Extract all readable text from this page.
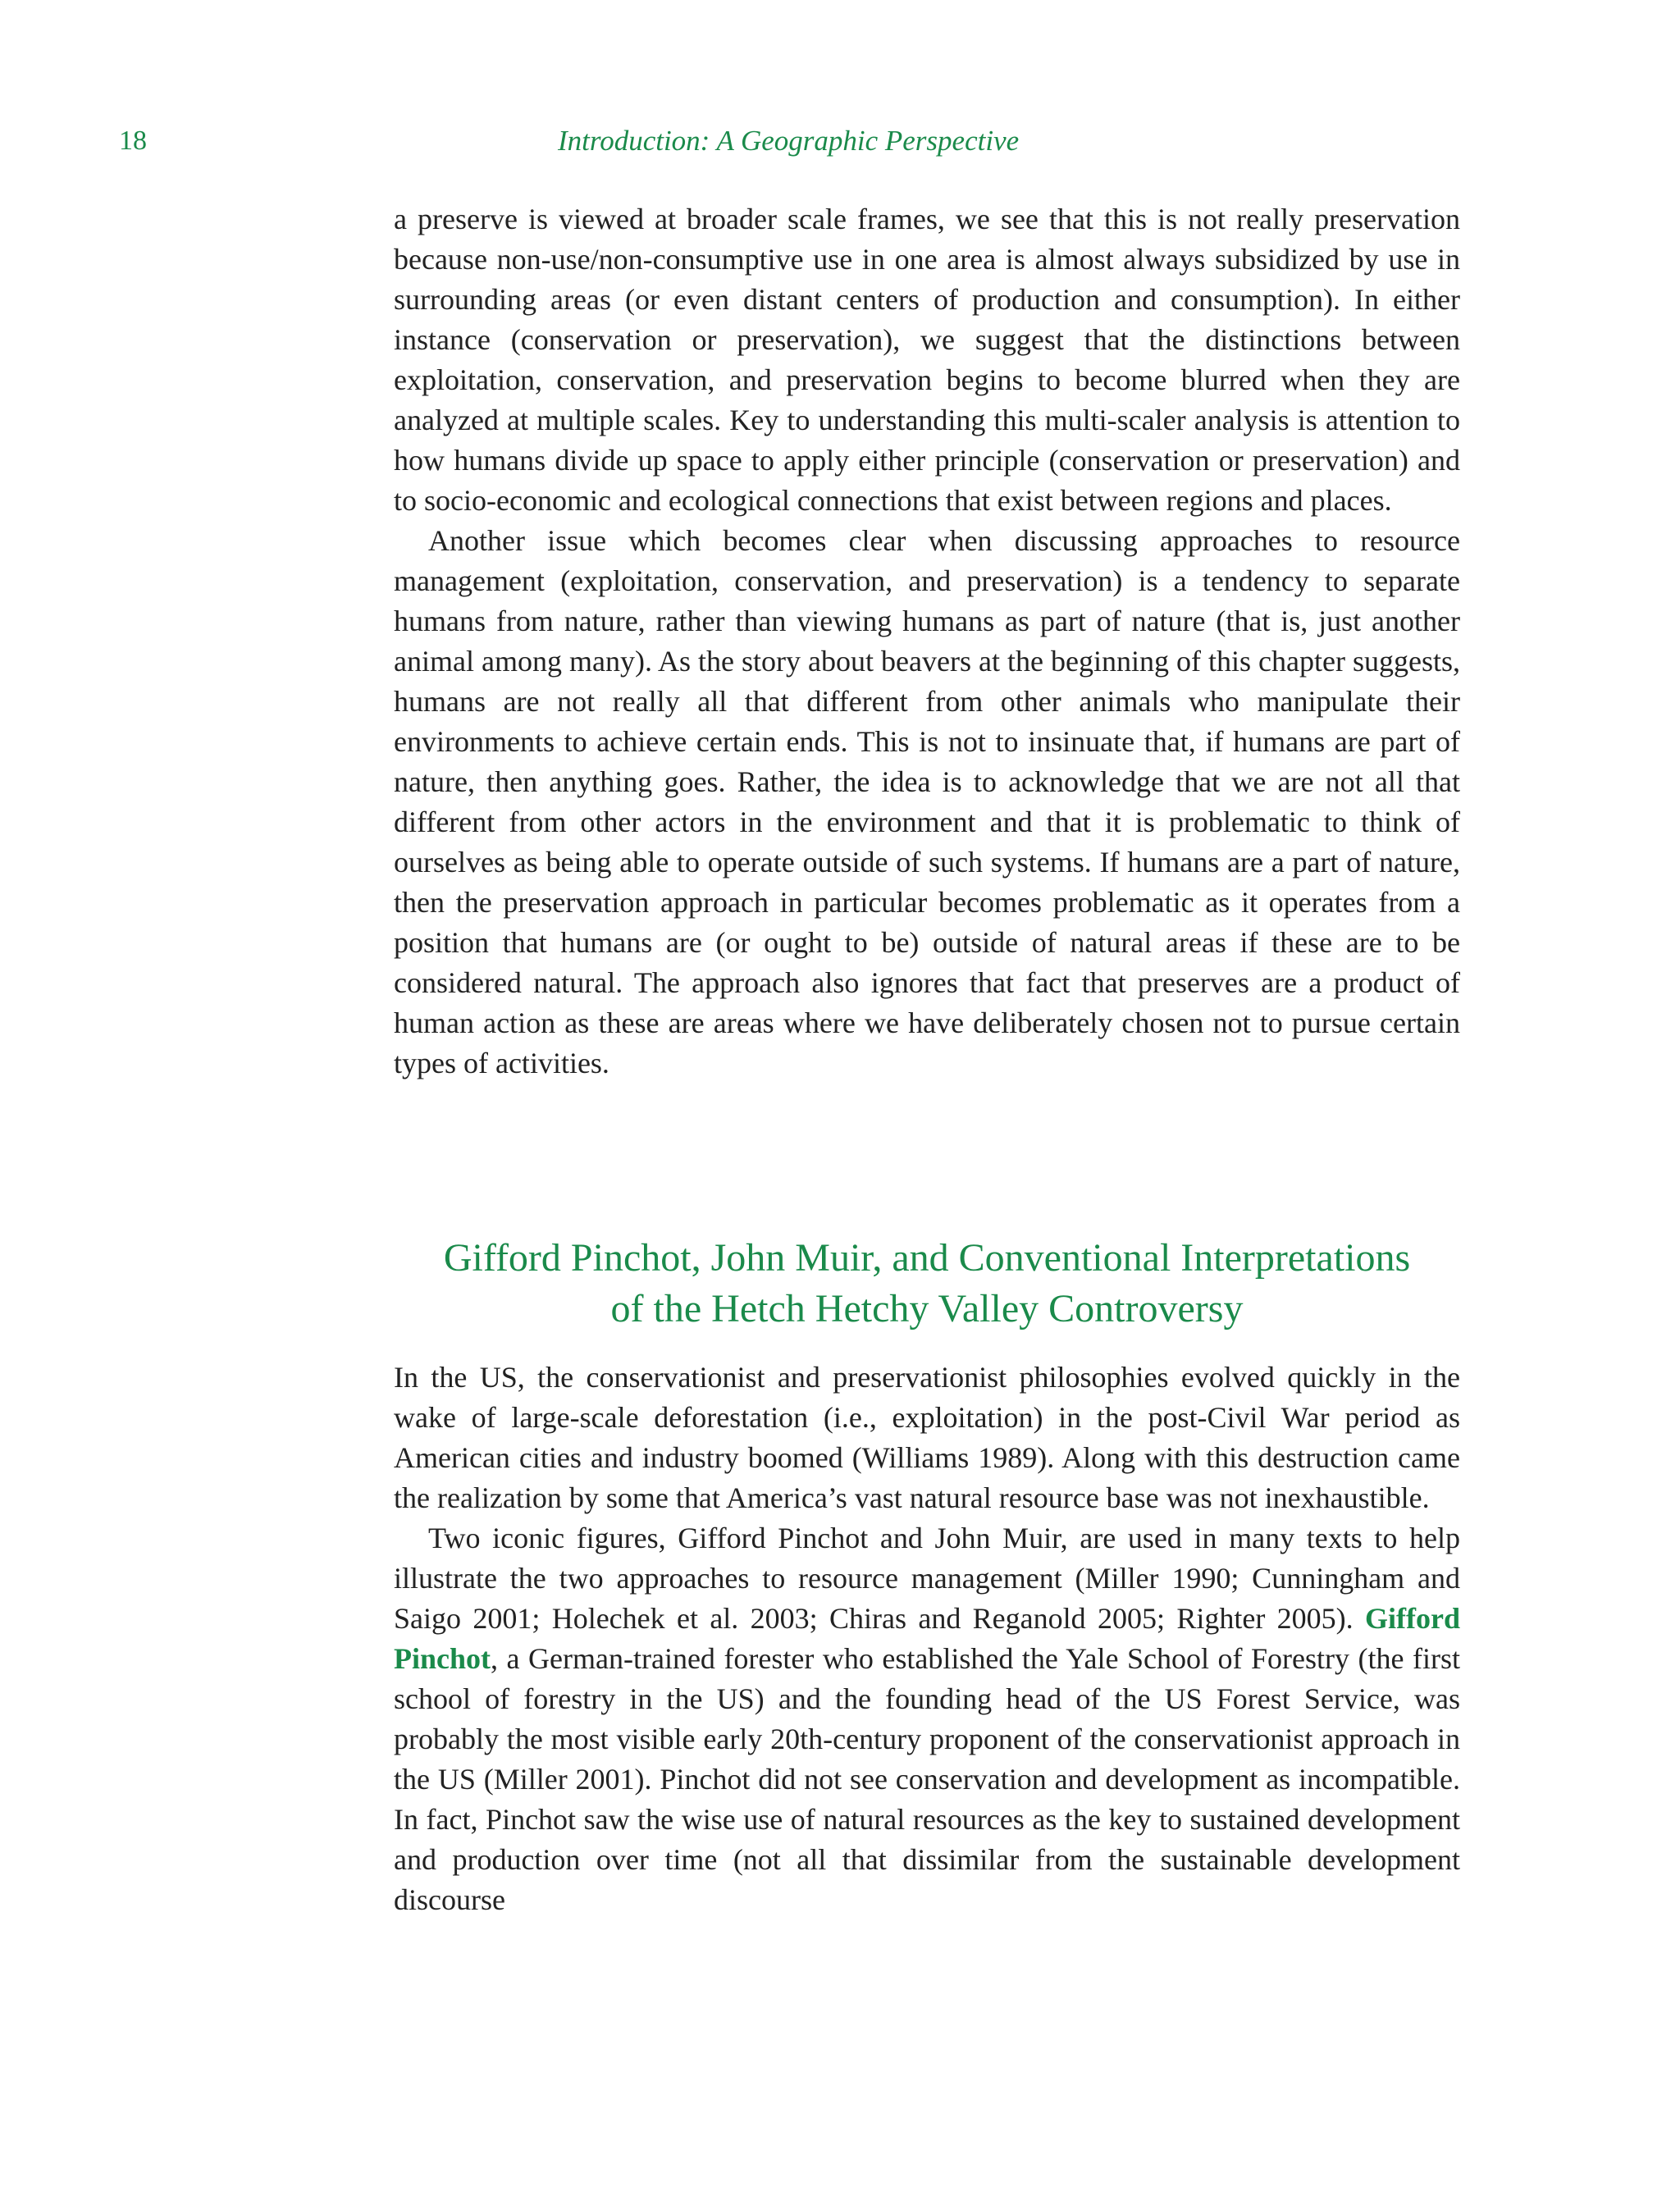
18	Introduction: A Geographic Perspective

a preserve is viewed at broader scale frames, we see that this is not really preservation because non-use/non-consumptive use in one area is almost always subsidized by use in surrounding areas (or even distant centers of production and consumption). In either instance (conservation or preservation), we suggest that the distinctions between exploitation, conservation, and preservation begins to become blurred when they are analyzed at multiple scales. Key to understanding this multi-scaler analysis is attention to how humans divide up space to apply either principle (conservation or preservation) and to socio-economic and ecological connections that exist between regions and places.

Another issue which becomes clear when discussing approaches to resource management (exploitation, conservation, and preservation) is a tendency to separate humans from nature, rather than viewing humans as part of nature (that is, just another animal among many). As the story about beavers at the beginning of this chapter suggests, humans are not really all that different from other animals who manipulate their environments to achieve certain ends. This is not to insinuate that, if humans are part of nature, then anything goes. Rather, the idea is to acknowledge that we are not all that different from other actors in the environment and that it is problematic to think of ourselves as being able to operate outside of such systems. If humans are a part of nature, then the preservation approach in particular becomes problematic as it operates from a position that humans are (or ought to be) outside of natural areas if these are to be considered natural. The approach also ignores that fact that preserves are a product of human action as these are areas where we have deliberately chosen not to pursue certain types of activities.

Gifford Pinchot, John Muir, and Conventional Interpretations
of the Hetch Hetchy Valley Controversy

In the US, the conservationist and preservationist philosophies evolved quickly in the wake of large-scale deforestation (i.e., exploitation) in the post-Civil War period as American cities and industry boomed (Williams 1989). Along with this destruction came the realization by some that America’s vast natural resource base was not inexhaustible.

Two iconic figures, Gifford Pinchot and John Muir, are used in many texts to help illustrate the two approaches to resource management (Miller 1990; Cunningham and Saigo 2001; Holechek et al. 2003; Chiras and Reganold 2005; Righter 2005). Gifford Pinchot, a German-trained forester who established the Yale School of Forestry (the first school of forestry in the US) and the founding head of the US Forest Service, was probably the most visible early 20th-century proponent of the conservationist approach in the US (Miller 2001). Pinchot did not see conservation and development as incompatible. In fact, Pinchot saw the wise use of natural resources as the key to sustained development and production over time (not all that dissimilar from the sustainable development discourse
